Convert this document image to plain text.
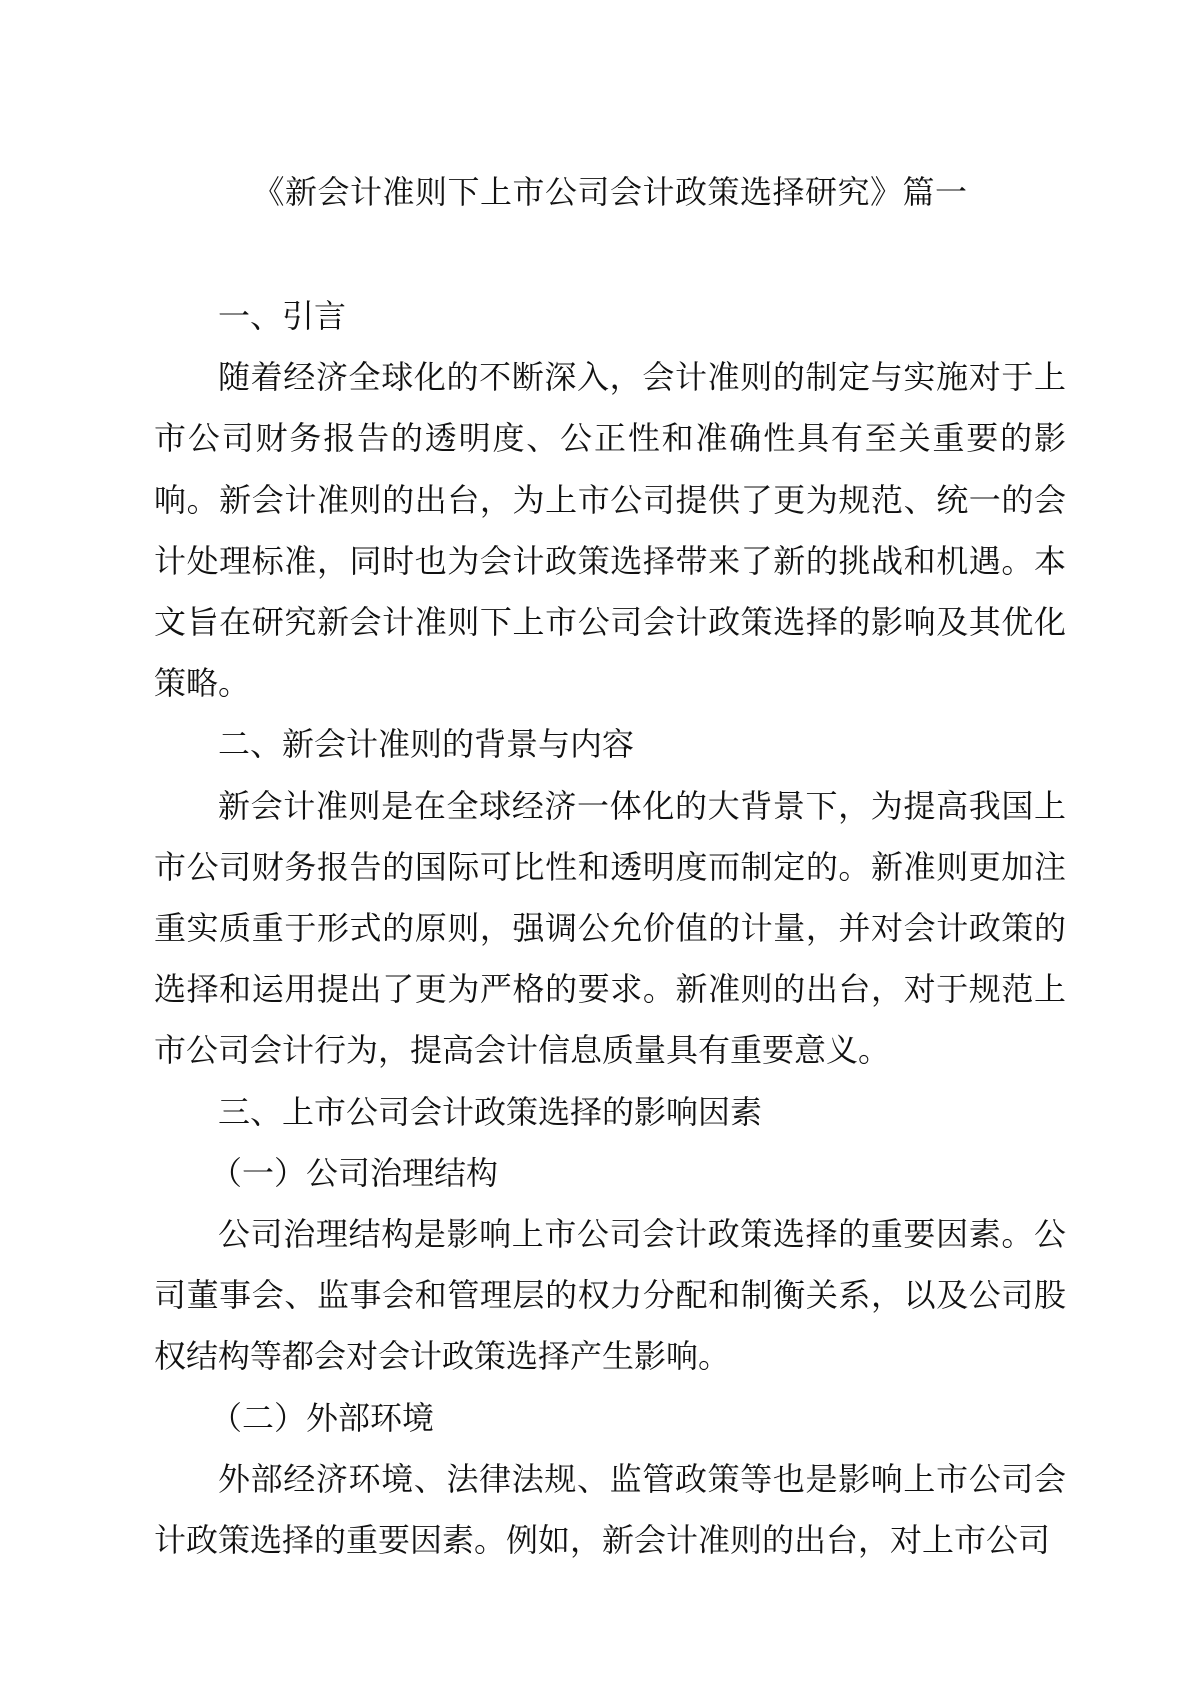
《新会计准则下上市公司会计政策选择研究》篇一

一、引言

随着经济全球化的不断深入，会计准则的制定与实施对于上市公司财务报告的透明度、公正性和准确性具有至关重要的影响。新会计准则的出台，为上市公司提供了更为规范、统一的会计处理标准，同时也为会计政策选择带来了新的挑战和机遇。本文旨在研究新会计准则下上市公司会计政策选择的影响及其优化策略。

二、新会计准则的背景与内容

新会计准则是在全球经济一体化的大背景下，为提高我国上市公司财务报告的国际可比性和透明度而制定的。新准则更加注重实质重于形式的原则，强调公允价值的计量，并对会计政策的选择和运用提出了更为严格的要求。新准则的出台，对于规范上市公司会计行为，提高会计信息质量具有重要意义。

三、上市公司会计政策选择的影响因素

（一）公司治理结构

公司治理结构是影响上市公司会计政策选择的重要因素。公司董事会、监事会和管理层的权力分配和制衡关系，以及公司股权结构等都会对会计政策选择产生影响。

（二）外部环境

外部经济环境、法律法规、监管政策等也是影响上市公司会计政策选择的重要因素。例如，新会计准则的出台，对上市公司
